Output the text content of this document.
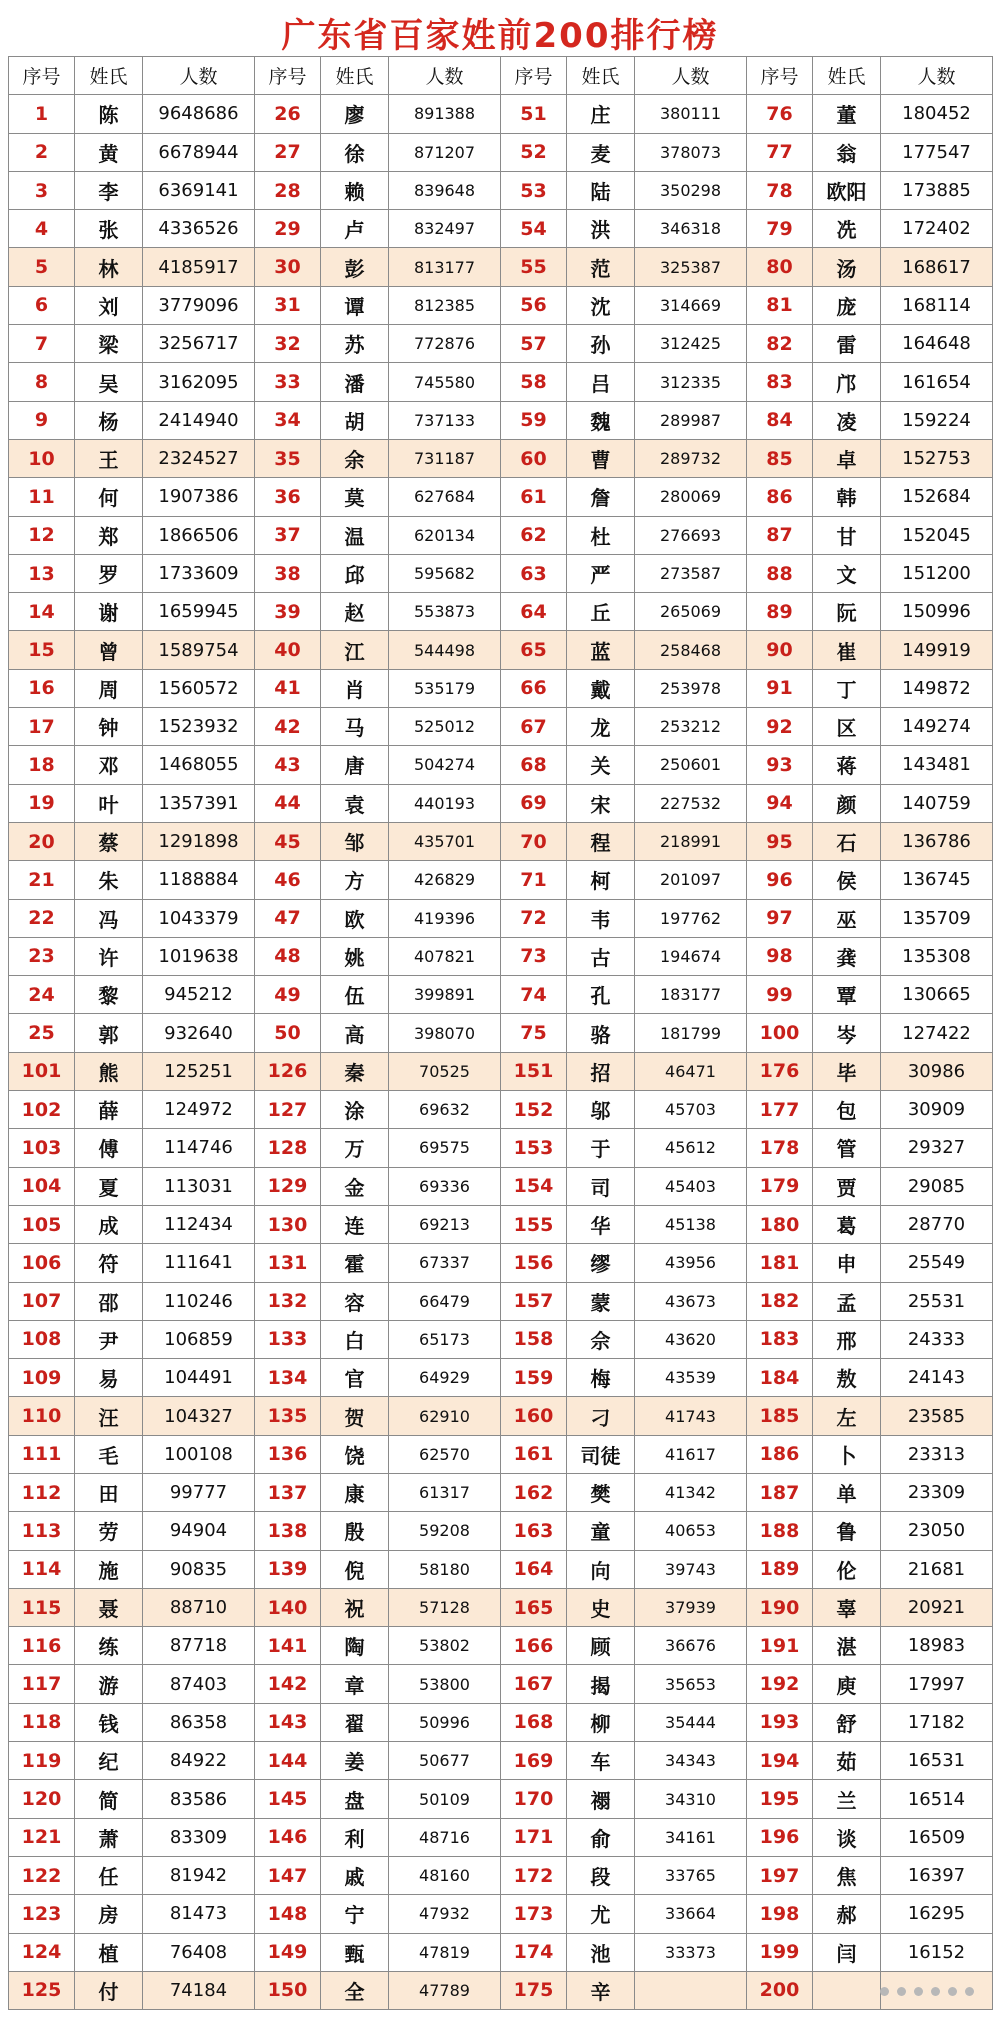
广东省百家姓前200排行榜
序号	姓氏	人数	序号	姓氏	人数	序号	姓氏	人数	序号	姓氏	人数
1	陈	9648686	26	廖	891388	51	庄	380111	76	董	180452
2	黄	6678944	27	徐	871207	52	麦	378073	77	翁	177547
3	李	6369141	28	赖	839648	53	陆	350298	78	欧阳	173885
4	张	4336526	29	卢	832497	54	洪	346318	79	冼	172402
5	林	4185917	30	彭	813177	55	范	325387	80	汤	168617
6	刘	3779096	31	谭	812385	56	沈	314669	81	庞	168114
7	梁	3256717	32	苏	772876	57	孙	312425	82	雷	164648
8	吴	3162095	33	潘	745580	58	吕	312335	83	邝	161654
9	杨	2414940	34	胡	737133	59	魏	289987	84	凌	159224
10	王	2324527	35	余	731187	60	曹	289732	85	卓	152753
11	何	1907386	36	莫	627684	61	詹	280069	86	韩	152684
12	郑	1866506	37	温	620134	62	杜	276693	87	甘	152045
13	罗	1733609	38	邱	595682	63	严	273587	88	文	151200
14	谢	1659945	39	赵	553873	64	丘	265069	89	阮	150996
15	曾	1589754	40	江	544498	65	蓝	258468	90	崔	149919
16	周	1560572	41	肖	535179	66	戴	253978	91	丁	149872
17	钟	1523932	42	马	525012	67	龙	253212	92	区	149274
18	邓	1468055	43	唐	504274	68	关	250601	93	蒋	143481
19	叶	1357391	44	袁	440193	69	宋	227532	94	颜	140759
20	蔡	1291898	45	邹	435701	70	程	218991	95	石	136786
21	朱	1188884	46	方	426829	71	柯	201097	96	侯	136745
22	冯	1043379	47	欧	419396	72	韦	197762	97	巫	135709
23	许	1019638	48	姚	407821	73	古	194674	98	龚	135308
24	黎	945212	49	伍	399891	74	孔	183177	99	覃	130665
25	郭	932640	50	高	398070	75	骆	181799	100	岑	127422
101	熊	125251	126	秦	70525	151	招	46471	176	毕	30986
102	薛	124972	127	涂	69632	152	邬	45703	177	包	30909
103	傅	114746	128	万	69575	153	于	45612	178	管	29327
104	夏	113031	129	金	69336	154	司	45403	179	贾	29085
105	成	112434	130	连	69213	155	华	45138	180	葛	28770
106	符	111641	131	霍	67337	156	缪	43956	181	申	25549
107	邵	110246	132	容	66479	157	蒙	43673	182	孟	25531
108	尹	106859	133	白	65173	158	佘	43620	183	邢	24333
109	易	104491	134	官	64929	159	梅	43539	184	敖	24143
110	汪	104327	135	贺	62910	160	刁	41743	185	左	23585
111	毛	100108	136	饶	62570	161	司徒	41617	186	卜	23313
112	田	99777	137	康	61317	162	樊	41342	187	单	23309
113	劳	94904	138	殷	59208	163	童	40653	188	鲁	23050
114	施	90835	139	倪	58180	164	向	39743	189	伦	21681
115	聂	88710	140	祝	57128	165	史	37939	190	辜	20921
116	练	87718	141	陶	53802	166	顾	36676	191	湛	18983
117	游	87403	142	章	53800	167	揭	35653	192	庾	17997
118	钱	86358	143	翟	50996	168	柳	35444	193	舒	17182
119	纪	84922	144	姜	50677	169	车	34343	194	茹	16531
120	简	83586	145	盘	50109	170	禤	34310	195	兰	16514
121	萧	83309	146	利	48716	171	俞	34161	196	谈	16509
122	任	81942	147	戚	48160	172	段	33765	197	焦	16397
123	房	81473	148	宁	47932	173	尤	33664	198	郝	16295
124	植	76408	149	甄	47819	174	池	33373	199	闫	16152
125	付	74184	150	全	47789	175	辛		200		
